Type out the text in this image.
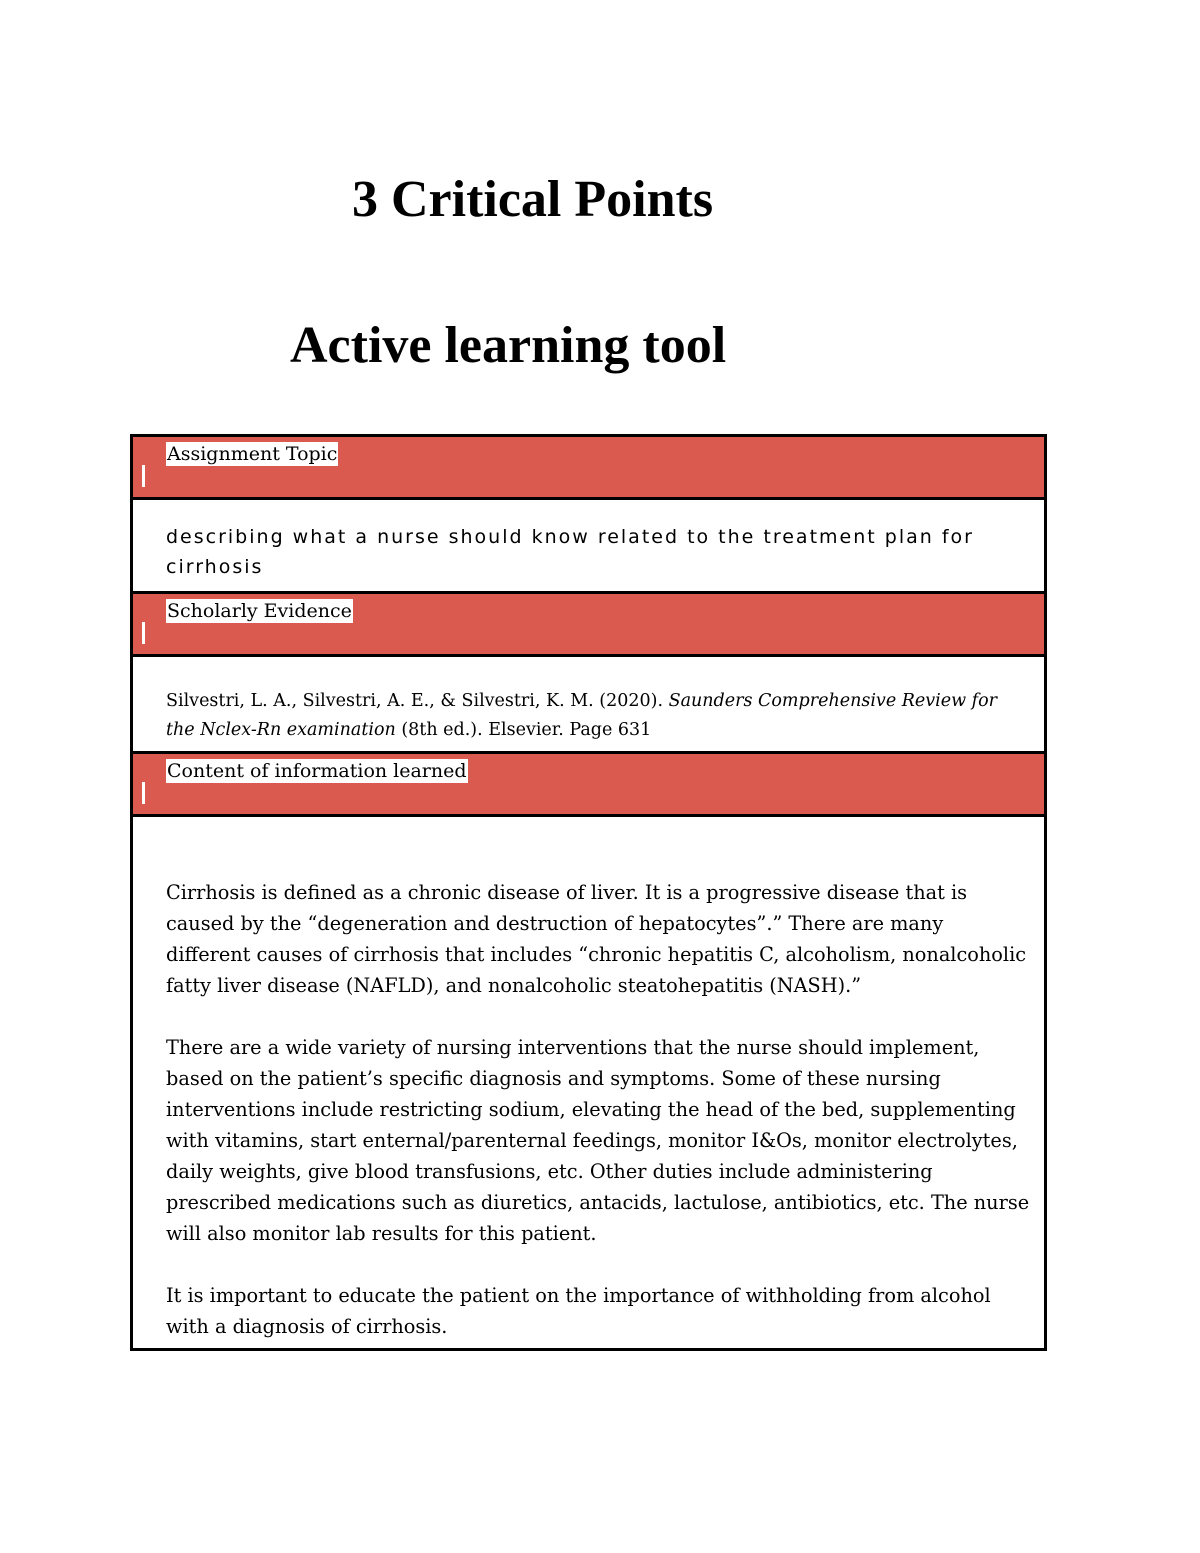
3 Critical Points
Active learning tool
Assignment Topic

describing what a nurse should know related to the treatment plan for cirrhosis

Scholarly Evidence

Silvestri, L. A., Silvestri, A. E., & Silvestri, K. M. (2020). Saunders Comprehensive Review for the Nclex-Rn examination (8th ed.). Elsevier. Page 631

Content of information learned

Cirrhosis is defined as a chronic disease of liver. It is a progressive disease that is caused by the “degeneration and destruction of hepatocytes”.” There are many different causes of cirrhosis that includes “chronic hepatitis C, alcoholism, nonalcoholic fatty liver disease (NAFLD), and nonalcoholic steatohepatitis (NASH).”

There are a wide variety of nursing interventions that the nurse should implement, based on the patient’s specific diagnosis and symptoms. Some of these nursing interventions include restricting sodium, elevating the head of the bed, supplementing with vitamins, start enternal/parenternal feedings, monitor I&Os, monitor electrolytes, daily weights, give blood transfusions, etc. Other duties include administering prescribed medications such as diuretics, antacids, lactulose, antibiotics, etc. The nurse will also monitor lab results for this patient.

It is important to educate the patient on the importance of withholding from alcohol with a diagnosis of cirrhosis.
